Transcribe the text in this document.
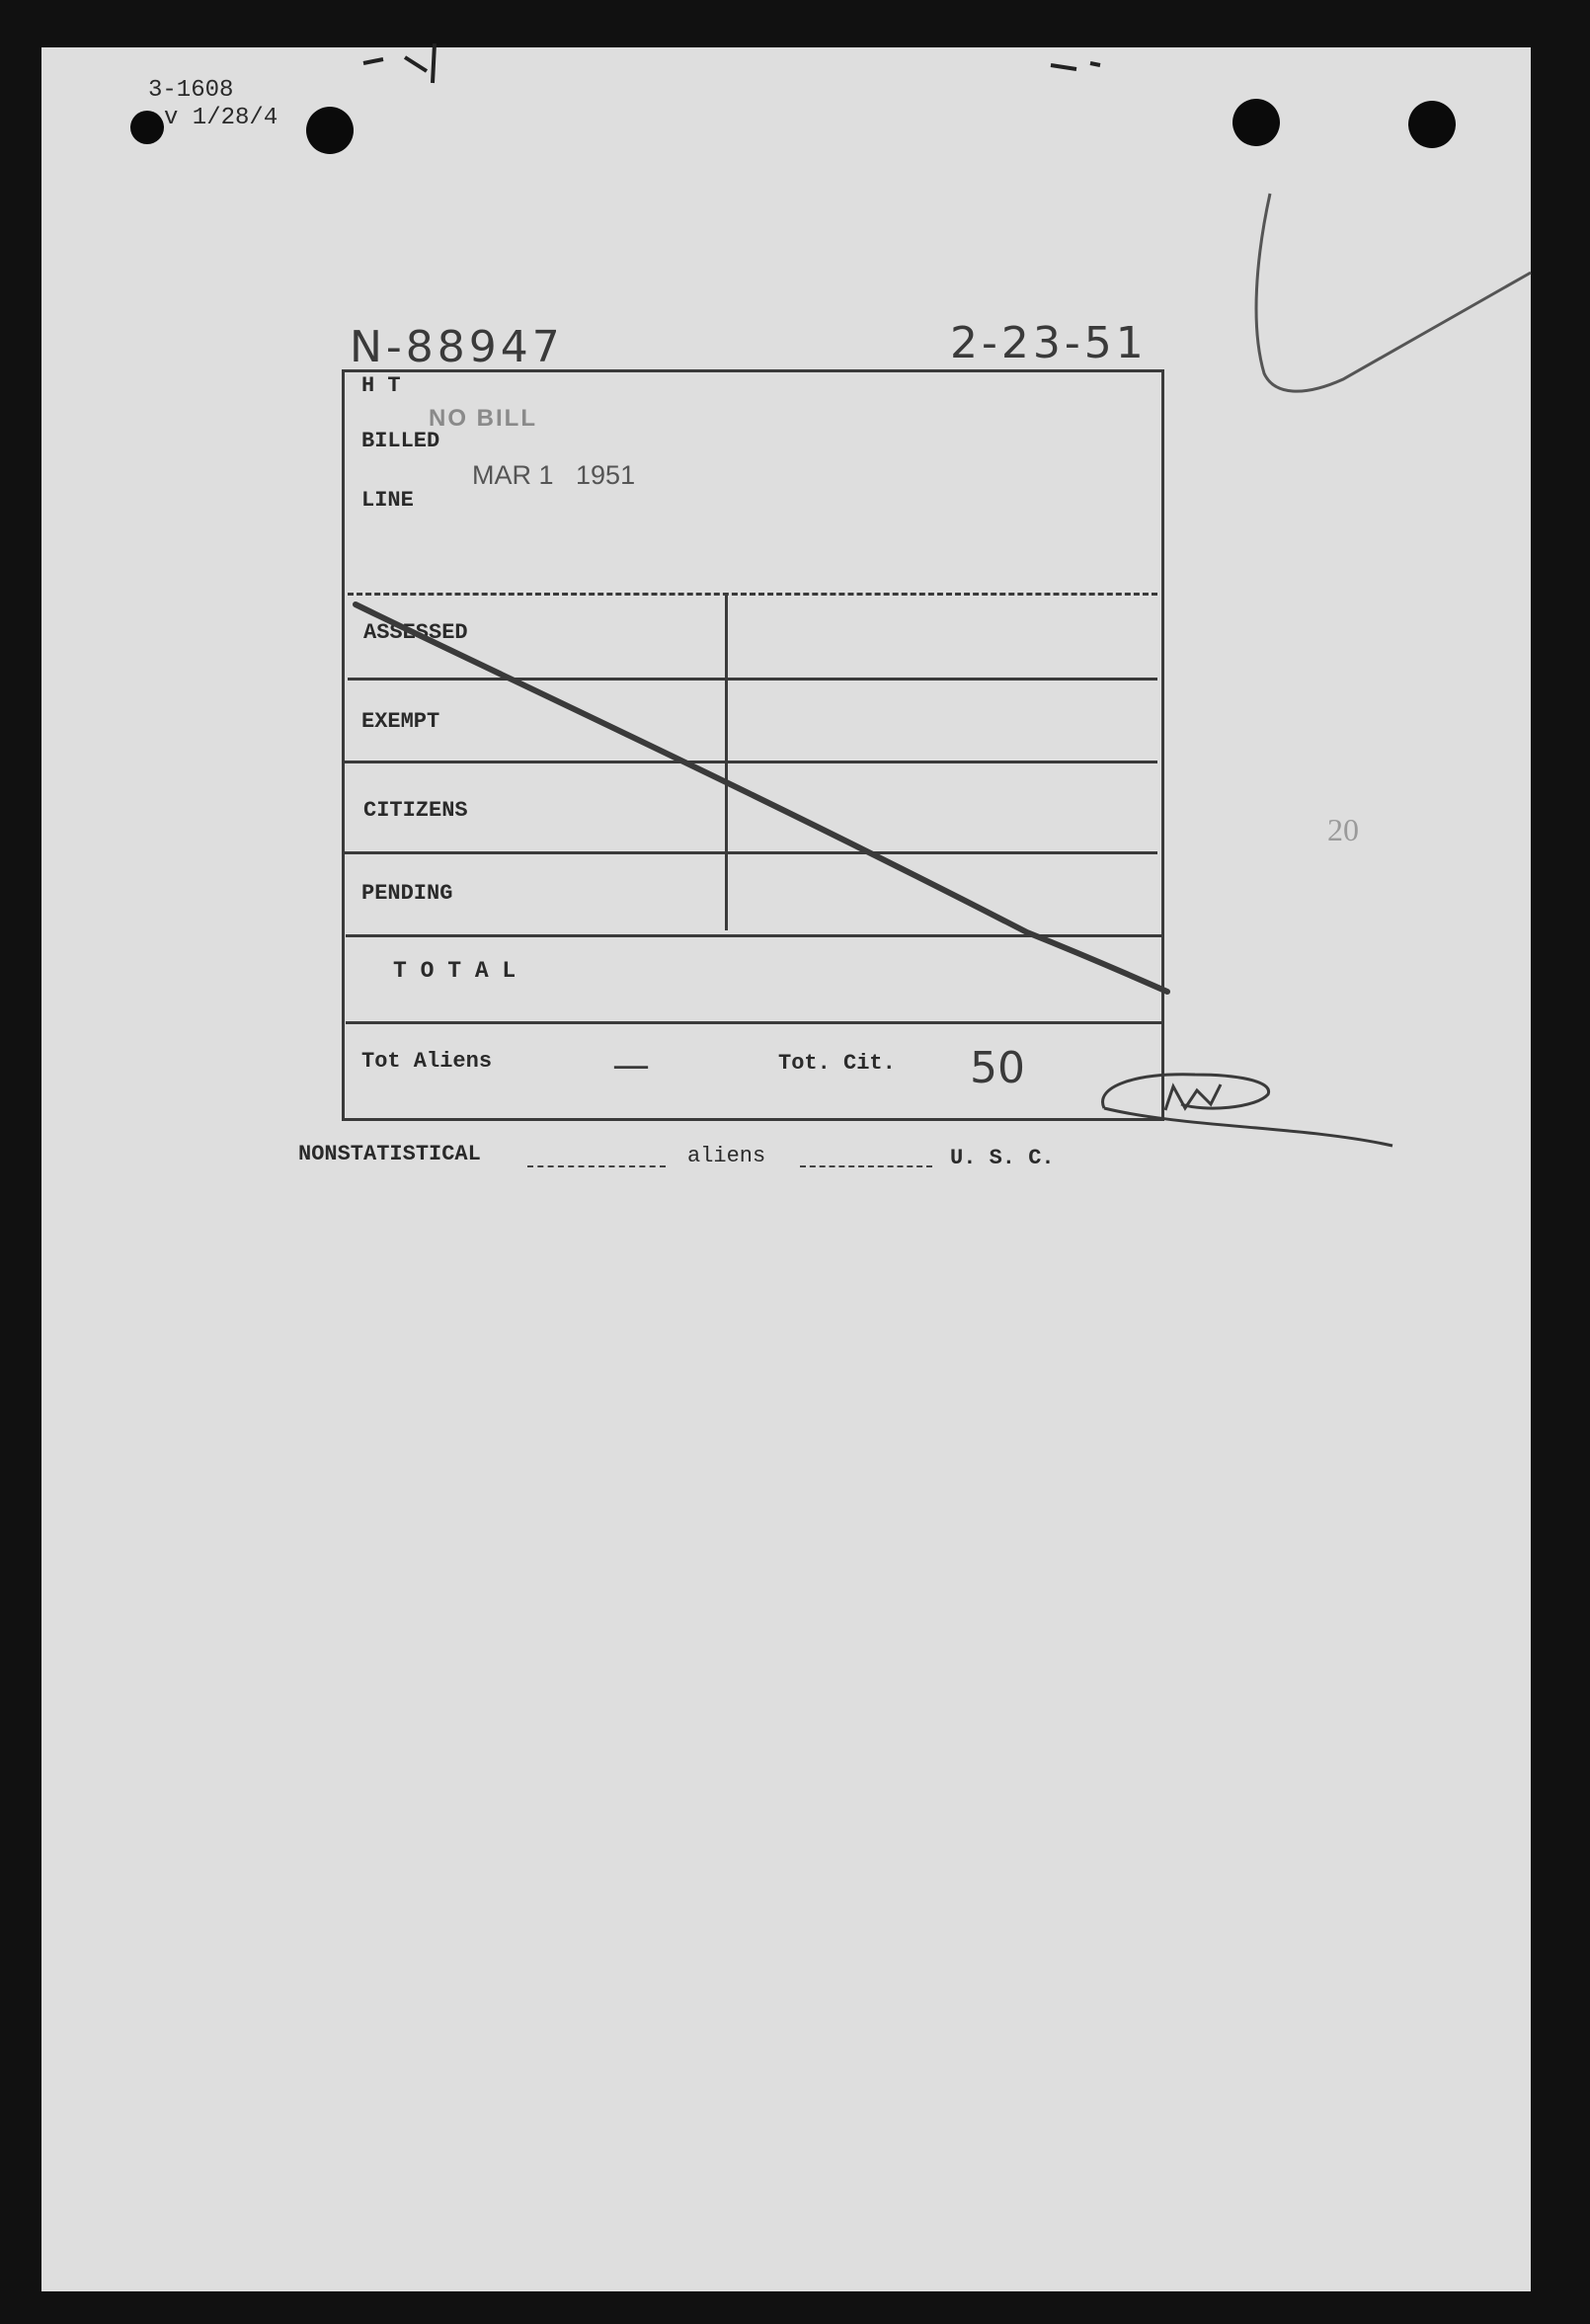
3-1608
v 1/28/4
N-88947	2-23-51
H T
BILLED
LINE
NO BILL
MAR 1   1951
ASSESSED
EXEMPT
CITIZENS
PENDING
T O T A L
Tot Aliens	—	Tot. Cit. 50
NONSTATISTICAL	aliens	U. S. C.
20
